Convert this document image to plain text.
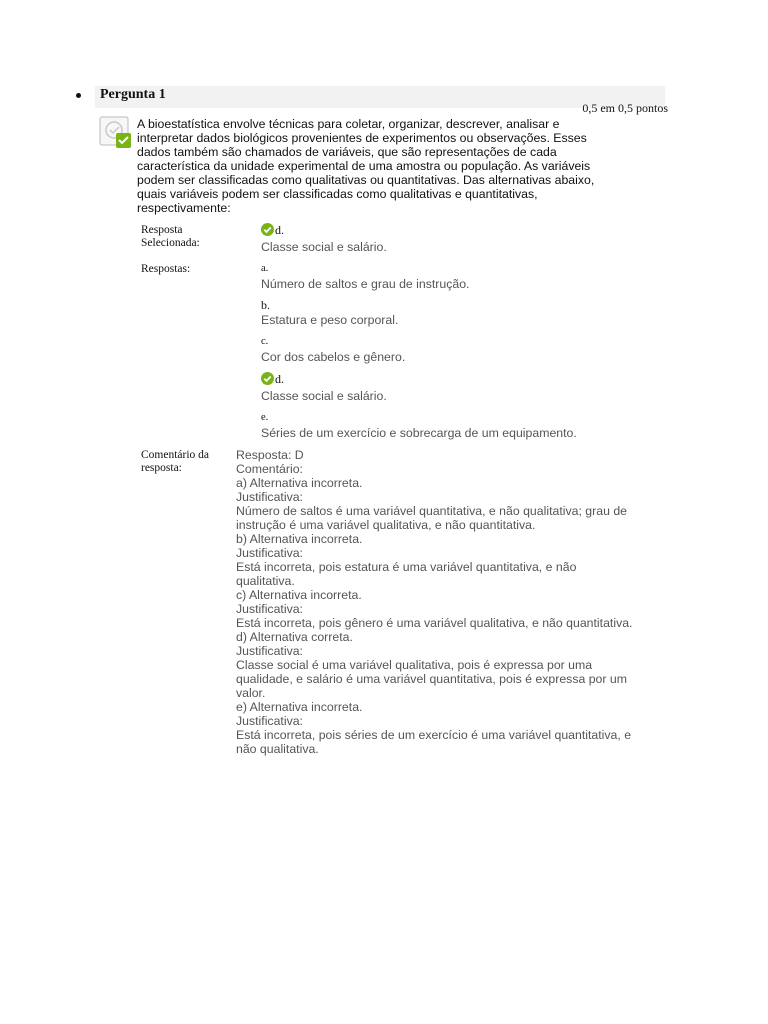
Pergunta 1
0,5 em 0,5 pontos
A bioestatística envolve técnicas para coletar, organizar, descrever, analisar e interpretar dados biológicos provenientes de experimentos ou observações. Esses dados também são chamados de variáveis, que são representações de cada característica da unidade experimental de uma amostra ou população. As variáveis podem ser classificadas como qualitativas ou quantitativas. Das alternativas abaixo, quais variáveis podem ser classificadas como qualitativas e quantitativas, respectivamente:
Resposta
Selecionada:
d.
Classe social e salário.
Respostas:	a.
Número de saltos e grau de instrução.
b.
Estatura e peso corporal.
c.
Cor dos cabelos e gênero.
d.
Classe social e salário.
e.
Séries de um exercício e sobrecarga de um equipamento.
Comentário da
resposta:
Resposta: D
Comentário:
a) Alternativa incorreta.
Justificativa:
Número de saltos é uma variável quantitativa, e não qualitativa; grau de instrução é uma variável qualitativa, e não quantitativa.
b) Alternativa incorreta.
Justificativa:
Está incorreta, pois estatura é uma variável quantitativa, e não qualitativa.
c) Alternativa incorreta.
Justificativa:
Está incorreta, pois gênero é uma variável qualitativa, e não quantitativa.
d) Alternativa correta.
Justificativa:
Classe social é uma variável qualitativa, pois é expressa por uma qualidade, e salário é uma variável quantitativa, pois é expressa por um valor.
e) Alternativa incorreta.
Justificativa:
Está incorreta, pois séries de um exercício é uma variável quantitativa, e não qualitativa.
